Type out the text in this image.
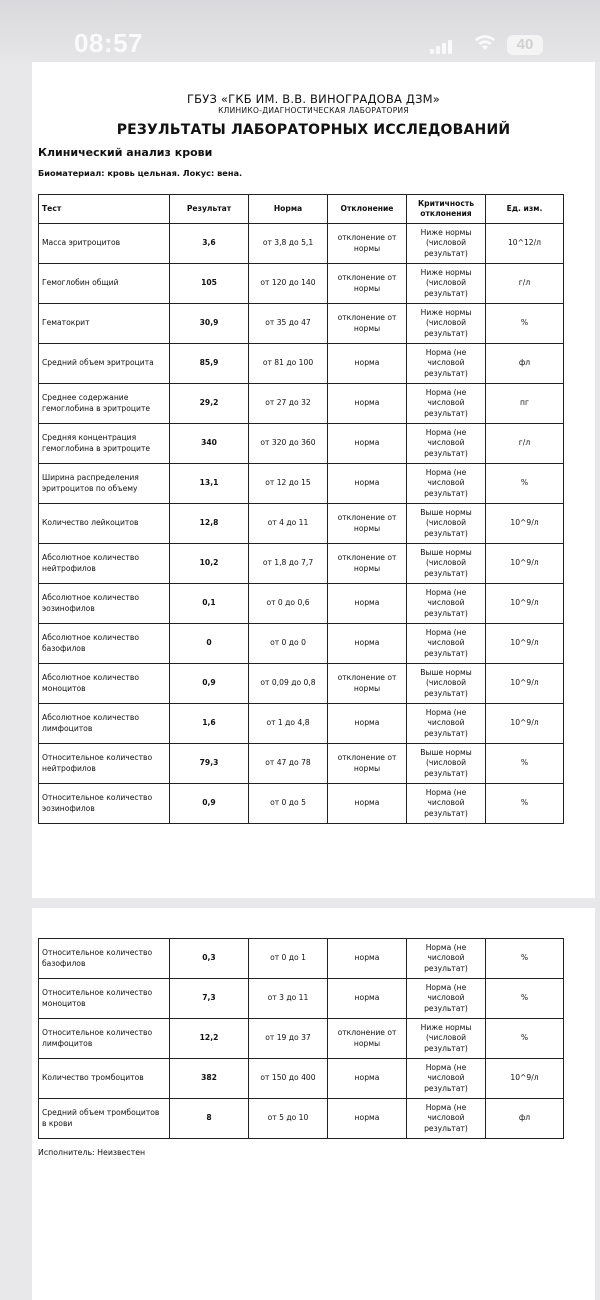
08:57	40
ГБУЗ «ГКБ ИМ. В.В. ВИНОГРАДОВА ДЗМ»
КЛИНИКО-ДИАГНОСТИЧЕСКАЯ ЛАБОРАТОРИЯ
РЕЗУЛЬТАТЫ ЛАБОРАТОРНЫХ ИССЛЕДОВАНИЙ
Клинический анализ крови
Биоматериал: кровь цельная. Локус: вена.
Тест	Результат	Норма	Отклонение	Критичность отклонения	Ед. изм.
Масса эритроцитов	3,6	от 3,8 до 5,1	отклонение от нормы	Ниже нормы (числовой результат)	10^12/л
Гемоглобин общий	105	от 120 до 140	отклонение от нормы	Ниже нормы (числовой результат)	г/л
Гематокрит	30,9	от 35 до 47	отклонение от нормы	Ниже нормы (числовой результат)	%
Средний объем эритроцита	85,9	от 81 до 100	норма	Норма (не числовой результат)	фл
Среднее содержание гемоглобина в эритроците	29,2	от 27 до 32	норма	Норма (не числовой результат)	пг
Средняя концентрация гемоглобина в эритроците	340	от 320 до 360	норма	Норма (не числовой результат)	г/л
Ширина распределения эритроцитов по объему	13,1	от 12 до 15	норма	Норма (не числовой результат)	%
Количество лейкоцитов	12,8	от 4 до 11	отклонение от нормы	Выше нормы (числовой результат)	10^9/л
Абсолютное количество нейтрофилов	10,2	от 1,8 до 7,7	отклонение от нормы	Выше нормы (числовой результат)	10^9/л
Абсолютное количество эозинофилов	0,1	от 0 до 0,6	норма	Норма (не числовой результат)	10^9/л
Абсолютное количество базофилов	0	от 0 до 0	норма	Норма (не числовой результат)	10^9/л
Абсолютное количество моноцитов	0,9	от 0,09 до 0,8	отклонение от нормы	Выше нормы (числовой результат)	10^9/л
Абсолютное количество лимфоцитов	1,6	от 1 до 4,8	норма	Норма (не числовой результат)	10^9/л
Относительное количество нейтрофилов	79,3	от 47 до 78	отклонение от нормы	Выше нормы (числовой результат)	%
Относительное количество эозинофилов	0,9	от 0 до 5	норма	Норма (не числовой результат)	%
Относительное количество базофилов	0,3	от 0 до 1	норма	Норма (не числовой результат)	%
Относительное количество моноцитов	7,3	от 3 до 11	норма	Норма (не числовой результат)	%
Относительное количество лимфоцитов	12,2	от 19 до 37	отклонение от нормы	Ниже нормы (числовой результат)	%
Количество тромбоцитов	382	от 150 до 400	норма	Норма (не числовой результат)	10^9/л
Средний объем тромбоцитов в крови	8	от 5 до 10	норма	Норма (не числовой результат)	фл
Исполнитель: Неизвестен
